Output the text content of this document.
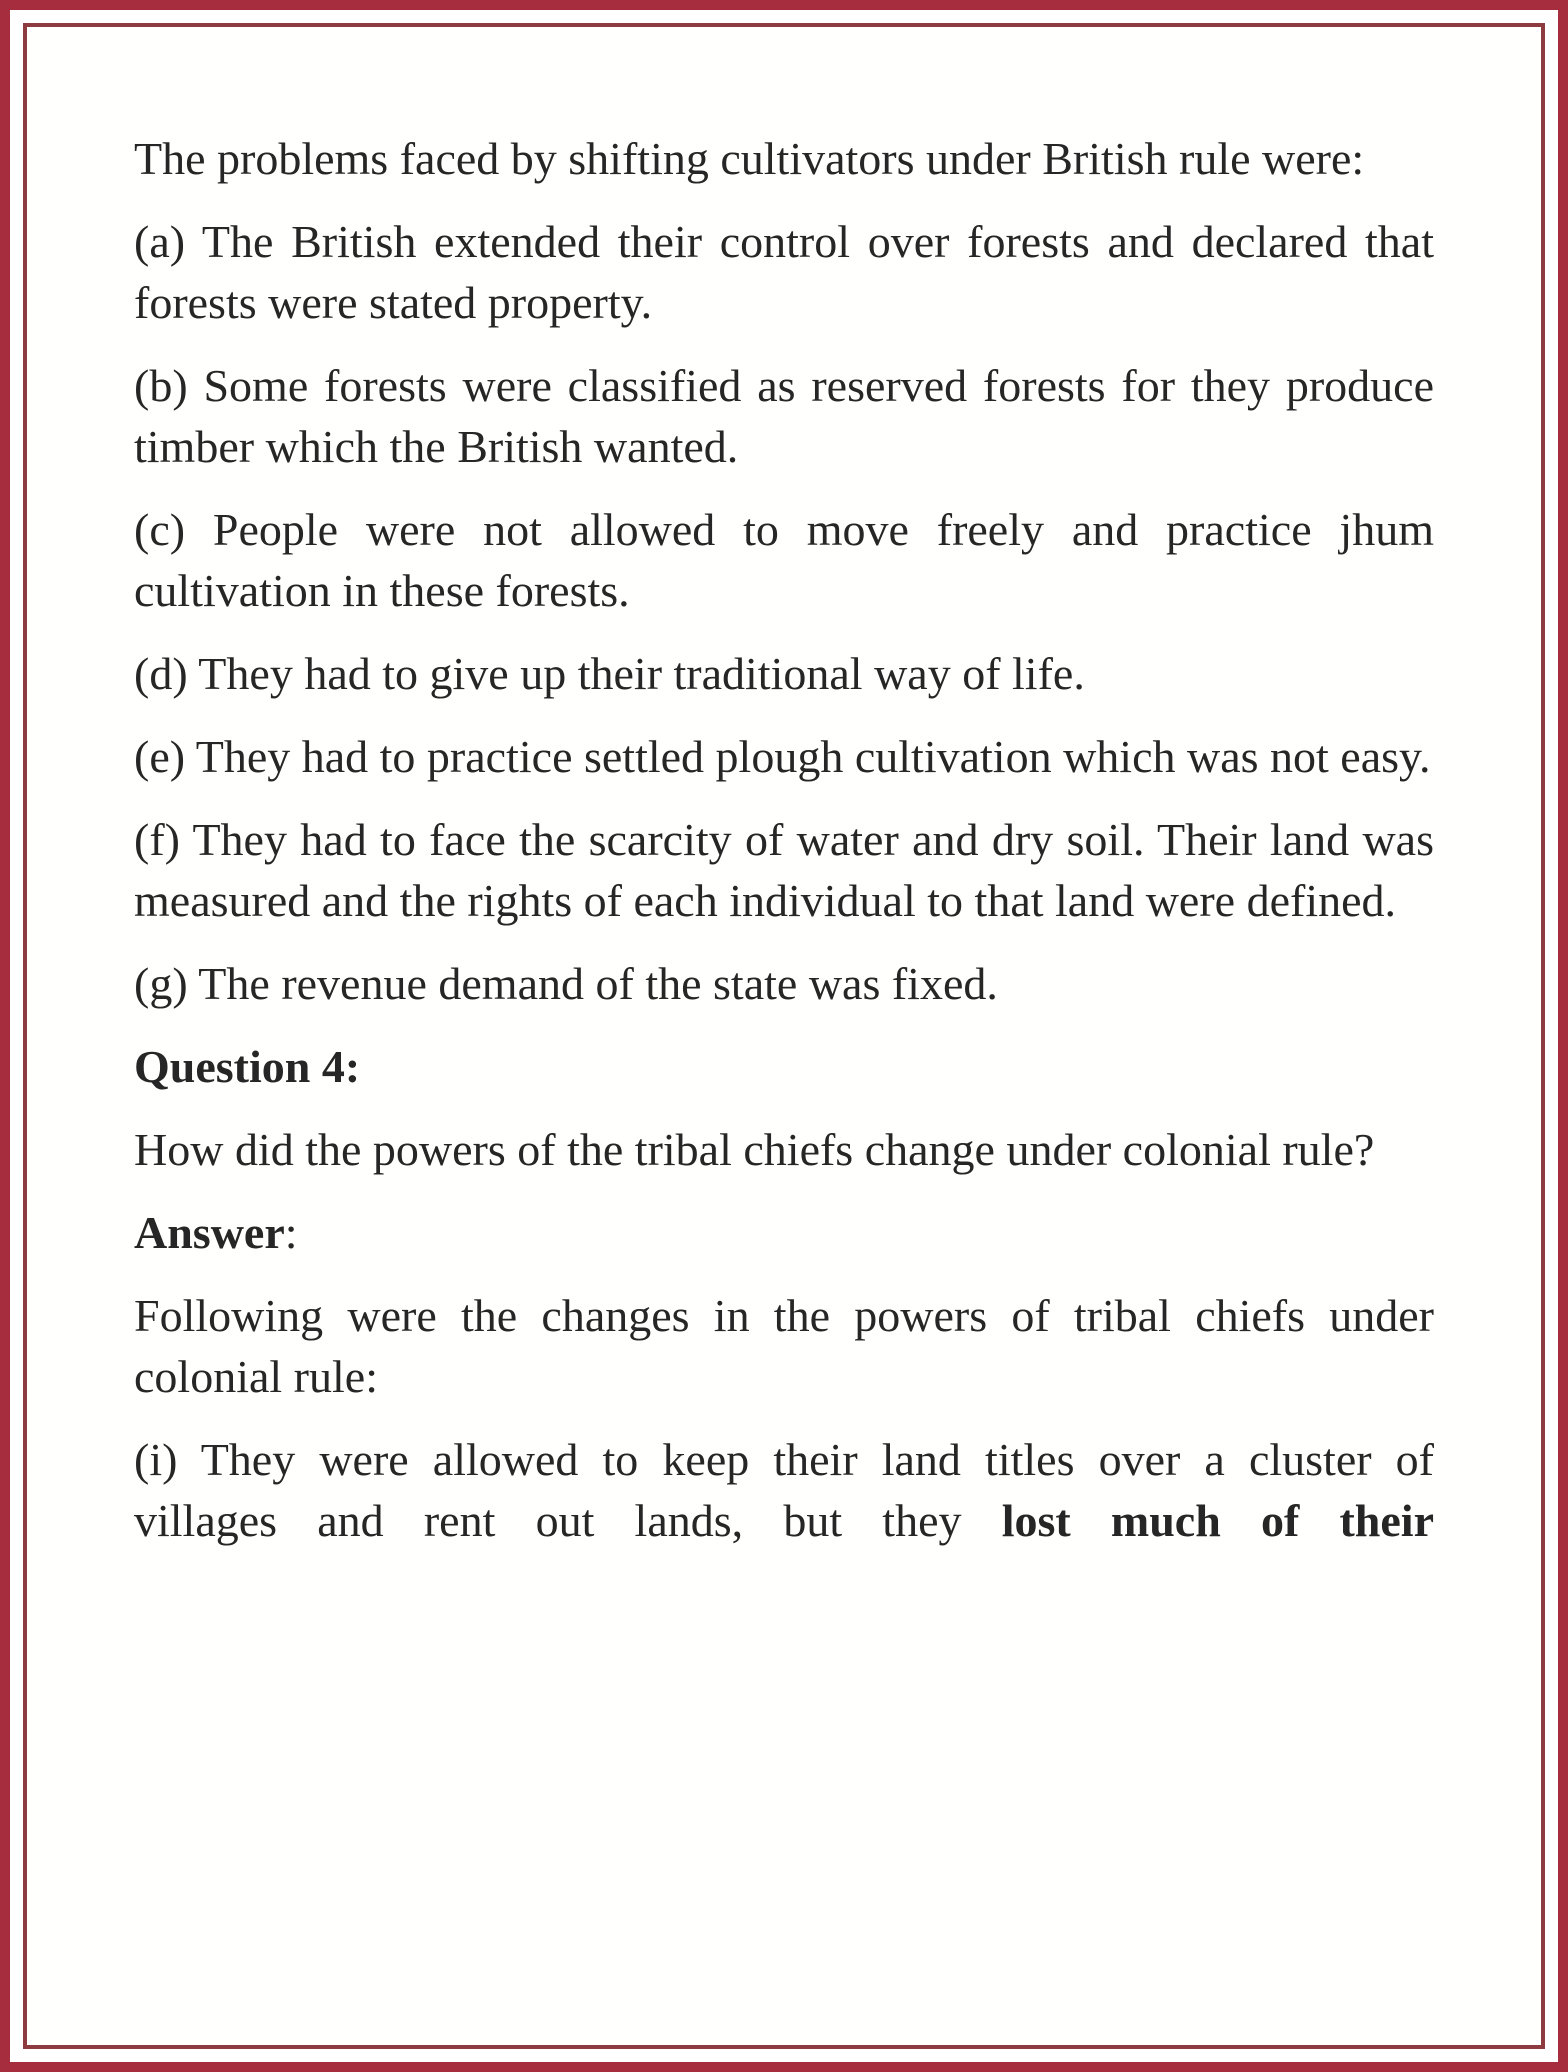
The problems faced by shifting cultivators under British rule were:

(a) The British extended their control over forests and declared that forests were stated property.

(b) Some forests were classified as reserved forests for they produce timber which the British wanted.

(c) People were not allowed to move freely and practice jhum cultivation in these forests.

(d) They had to give up their traditional way of life.

(e) They had to practice settled plough cultivation which was not easy.

(f) They had to face the scarcity of water and dry soil. Their land was measured and the rights of each individual to that land were defined.

(g) The revenue demand of the state was fixed.

Question 4:

How did the powers of the tribal chiefs change under colonial rule?

Answer:

Following were the changes in the powers of tribal chiefs under colonial rule:

(i) They were allowed to keep their land titles over a cluster of villages and rent out lands, but they lost much of their
